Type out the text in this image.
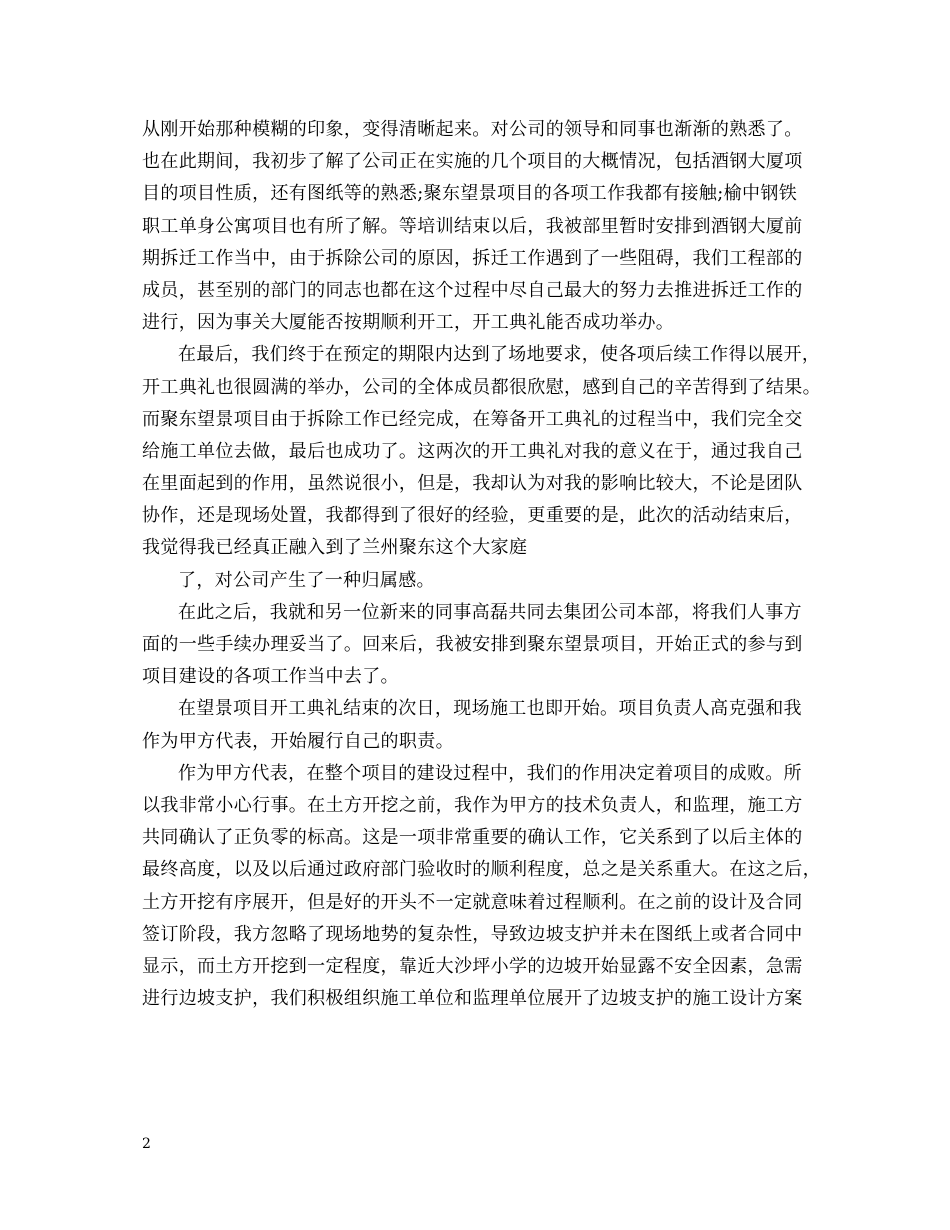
从刚开始那种模糊的印象，变得清晰起来。对公司的领导和同事也渐渐的熟悉了。
也在此期间，我初步了解了公司正在实施的几个项目的大概情况，包括酒钢大厦项
目的项目性质，还有图纸等的熟悉;聚东望景项目的各项工作我都有接触;榆中钢铁
职工单身公寓项目也有所了解。等培训结束以后，我被部里暂时安排到酒钢大厦前
期拆迁工作当中，由于拆除公司的原因，拆迁工作遇到了一些阻碍，我们工程部的
成员，甚至别的部门的同志也都在这个过程中尽自己最大的努力去推进拆迁工作的
进行，因为事关大厦能否按期顺利开工，开工典礼能否成功举办。
在最后，我们终于在预定的期限内达到了场地要求，使各项后续工作得以展开，
开工典礼也很圆满的举办，公司的全体成员都很欣慰，感到自己的辛苦得到了结果。
而聚东望景项目由于拆除工作已经完成，在筹备开工典礼的过程当中，我们完全交
给施工单位去做，最后也成功了。这两次的开工典礼对我的意义在于，通过我自己
在里面起到的作用，虽然说很小，但是，我却认为对我的影响比较大，不论是团队
协作，还是现场处置，我都得到了很好的经验，更重要的是，此次的活动结束后，
我觉得我已经真正融入到了兰州聚东这个大家庭
了，对公司产生了一种归属感。
在此之后，我就和另一位新来的同事高磊共同去集团公司本部，将我们人事方
面的一些手续办理妥当了。回来后，我被安排到聚东望景项目，开始正式的参与到
项目建设的各项工作当中去了。
在望景项目开工典礼结束的次日，现场施工也即开始。项目负责人高克强和我
作为甲方代表，开始履行自己的职责。
作为甲方代表，在整个项目的建设过程中，我们的作用决定着项目的成败。所
以我非常小心行事。在土方开挖之前，我作为甲方的技术负责人，和监理，施工方
共同确认了正负零的标高。这是一项非常重要的确认工作，它关系到了以后主体的
最终高度，以及以后通过政府部门验收时的顺利程度，总之是关系重大。在这之后，
土方开挖有序展开，但是好的开头不一定就意味着过程顺利。在之前的设计及合同
签订阶段，我方忽略了现场地势的复杂性，导致边坡支护并未在图纸上或者合同中
显示，而土方开挖到一定程度，靠近大沙坪小学的边坡开始显露不安全因素，急需
进行边坡支护，我们积极组织施工单位和监理单位展开了边坡支护的施工设计方案
2
